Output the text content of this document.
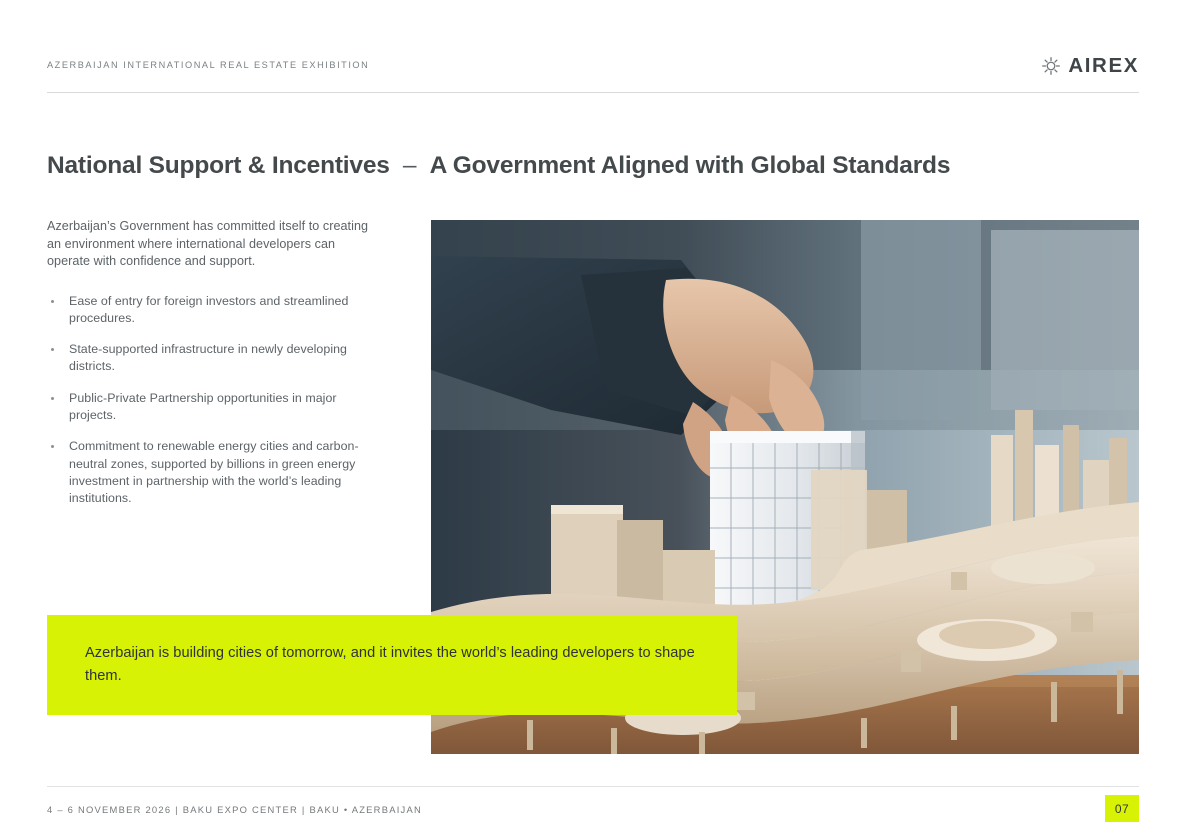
AZERBAIJAN INTERNATIONAL REAL ESTATE EXHIBITION	AIREX
National Support & Incentives – A Government Aligned with Global Standards

Azerbaijan’s Government has committed itself to creating an environment where international developers can operate with confidence and support.

Ease of entry for foreign investors and streamlined procedures.
State-supported infrastructure in newly developing districts.
Public-Private Partnership opportunities in major projects.
Commitment to renewable energy cities and carbon-neutral zones, supported by billions in green energy investment in partnership with the world’s leading institutions.

Azerbaijan is building cities of tomorrow, and it invites the world’s leading developers to shape them.

4 – 6 NOVEMBER 2026 | BAKU EXPO CENTER | BAKU • AZERBAIJAN	07
